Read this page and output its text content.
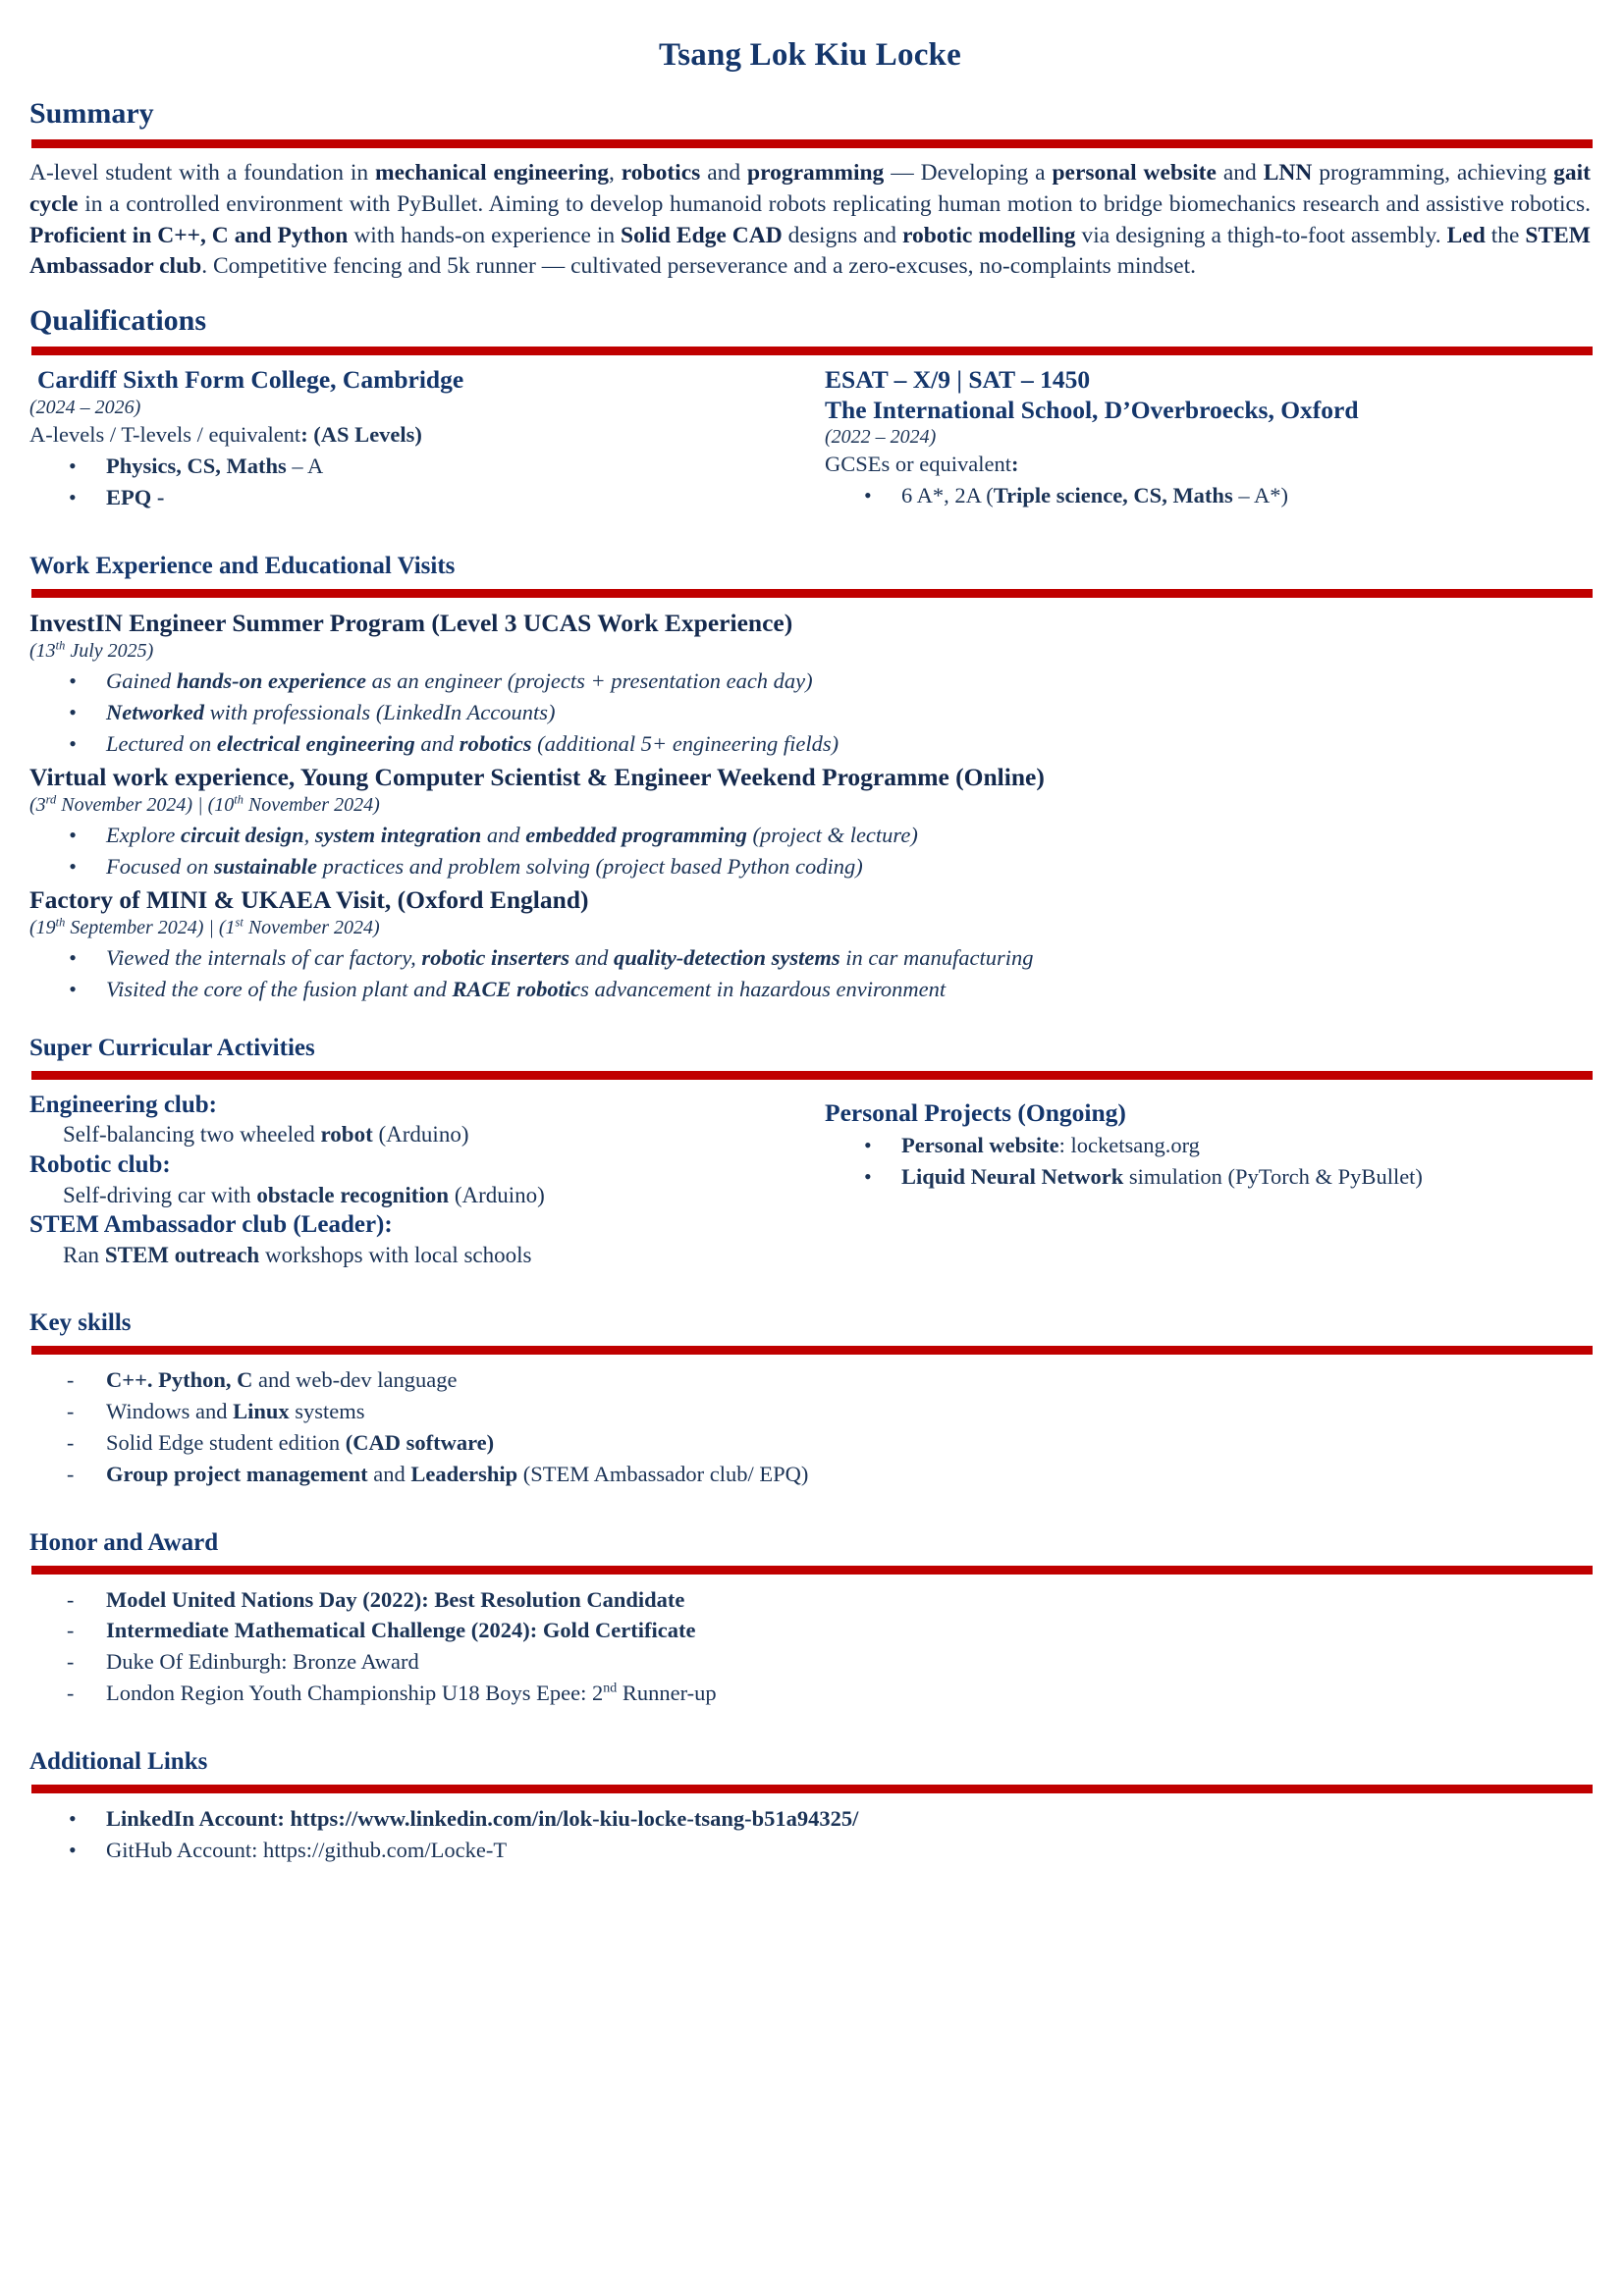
Tsang Lok Kiu Locke
Summary

A-level student with a foundation in mechanical engineering, robotics and programming — Developing a personal website and LNN programming, achieving gait cycle in a controlled environment with PyBullet. Aiming to develop humanoid robots replicating human motion to bridge biomechanics research and assistive robotics. Proficient in C++, C and Python with hands-on experience in Solid Edge CAD designs and robotic modelling via designing a thigh-to-foot assembly. Led the STEM Ambassador club. Competitive fencing and 5k runner — cultivated perseverance and a zero-excuses, no-complaints mindset.

Qualifications
Cardiff Sixth Form College, Cambridge
(2024 – 2026)
A-levels / T-levels / equivalent: (AS Levels)
• Physics, CS, Maths – A
• EPQ -
ESAT – X/9 | SAT – 1450
The International School, D’Overbroecks, Oxford
(2022 – 2024)
GCSEs or equivalent:
• 6 A*, 2A (Triple science, CS, Maths – A*)
Work Experience and Educational Visits
InvestIN Engineer Summer Program (Level 3 UCAS Work Experience)
(13th July 2025)
• Gained hands-on experience as an engineer (projects + presentation each day)
• Networked with professionals (LinkedIn Accounts)
• Lectured on electrical engineering and robotics (additional 5+ engineering fields)
Virtual work experience, Young Computer Scientist & Engineer Weekend Programme (Online)
(3rd November 2024) | (10th November 2024)
• Explore circuit design, system integration and embedded programming (project & lecture)
• Focused on sustainable practices and problem solving (project based Python coding)
Factory of MINI & UKAEA Visit, (Oxford England)
(19th September 2024) | (1st November 2024)
• Viewed the internals of car factory, robotic inserters and quality-detection systems in car manufacturing
• Visited the core of the fusion plant and RACE robotics advancement in hazardous environment
Super Curricular Activities
Engineering club:
Self-balancing two wheeled robot (Arduino)
Robotic club:
Self-driving car with obstacle recognition (Arduino)
STEM Ambassador club (Leader):
Ran STEM outreach workshops with local schools
Personal Projects (Ongoing)
• Personal website: locketsang.org
• Liquid Neural Network simulation (PyTorch & PyBullet)
Key skills
- C++. Python, C and web-dev language
- Windows and Linux systems
- Solid Edge student edition (CAD software)
- Group project management and Leadership (STEM Ambassador club/ EPQ)
Honor and Award
- Model United Nations Day (2022): Best Resolution Candidate
- Intermediate Mathematical Challenge (2024): Gold Certificate
- Duke Of Edinburgh: Bronze Award
- London Region Youth Championship U18 Boys Epee: 2nd Runner-up
Additional Links
• LinkedIn Account: https://www.linkedin.com/in/lok-kiu-locke-tsang-b51a94325/
• GitHub Account: https://github.com/Locke-T
